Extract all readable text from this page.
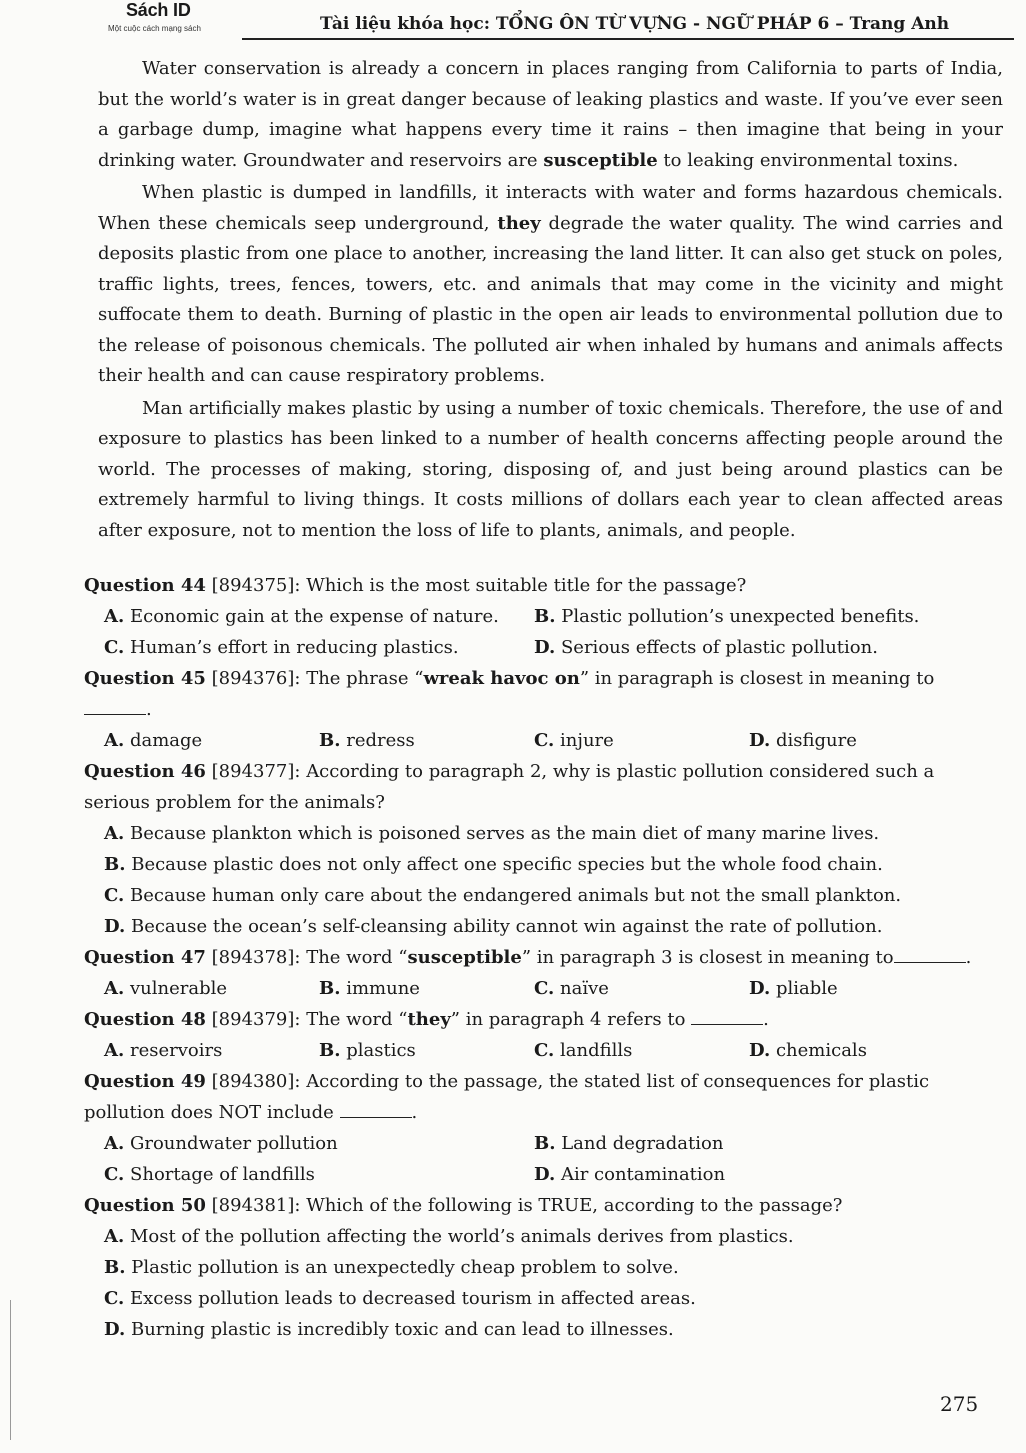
Sách ID
Một cuộc cách mạng sách	Tài liệu khóa học: TỔNG ÔN TỪ VỰNG - NGỮ PHÁP 6 – Trang Anh

Water conservation is already a concern in places ranging from California to parts of India, but the world’s water is in great danger because of leaking plastics and waste. If you’ve ever seen a garbage dump, imagine what happens every time it rains – then imagine that being in your drinking water. Groundwater and reservoirs are susceptible to leaking environmental toxins.

When plastic is dumped in landfills, it interacts with water and forms hazardous chemicals. When these chemicals seep underground, they degrade the water quality. The wind carries and deposits plastic from one place to another, increasing the land litter. It can also get stuck on poles, traffic lights, trees, fences, towers, etc. and animals that may come in the vicinity and might suffocate them to death. Burning of plastic in the open air leads to environmental pollution due to the release of poisonous chemicals. The polluted air when inhaled by humans and animals affects their health and can cause respiratory problems.

Man artificially makes plastic by using a number of toxic chemicals. Therefore, the use of and exposure to plastics has been linked to a number of health concerns affecting people around the world. The processes of making, storing, disposing of, and just being around plastics can be extremely harmful to living things. It costs millions of dollars each year to clean affected areas after exposure, not to mention the loss of life to plants, animals, and people.

Question 44 [894375]: Which is the most suitable title for the passage?
A. Economic gain at the expense of nature.	B. Plastic pollution’s unexpected benefits.
C. Human’s effort in reducing plastics.	D. Serious effects of plastic pollution.
Question 45 [894376]: The phrase “wreak havoc on” in paragraph is closest in meaning to
.
A. damage	B. redress	C. injure	D. disfigure
Question 46 [894377]: According to paragraph 2, why is plastic pollution considered such a serious problem for the animals?
A. Because plankton which is poisoned serves as the main diet of many marine lives.
B. Because plastic does not only affect one specific species but the whole food chain.
C. Because human only care about the endangered animals but not the small plankton.
D. Because the ocean’s self-cleansing ability cannot win against the rate of pollution.
Question 47 [894378]: The word “susceptible” in paragraph 3 is closest in meaning to	.
A. vulnerable	B. immune	C. naïve	D. pliable
Question 48 [894379]: The word “they” in paragraph 4 refers to	.
A. reservoirs	B. plastics	C. landfills	D. chemicals
Question 49 [894380]: According to the passage, the stated list of consequences for plastic pollution does NOT include	.
A. Groundwater pollution	B. Land degradation
C. Shortage of landfills	D. Air contamination
Question 50 [894381]: Which of the following is TRUE, according to the passage?
A. Most of the pollution affecting the world’s animals derives from plastics.
B. Plastic pollution is an unexpectedly cheap problem to solve.
C. Excess pollution leads to decreased tourism in affected areas.
D. Burning plastic is incredibly toxic and can lead to illnesses.
275
